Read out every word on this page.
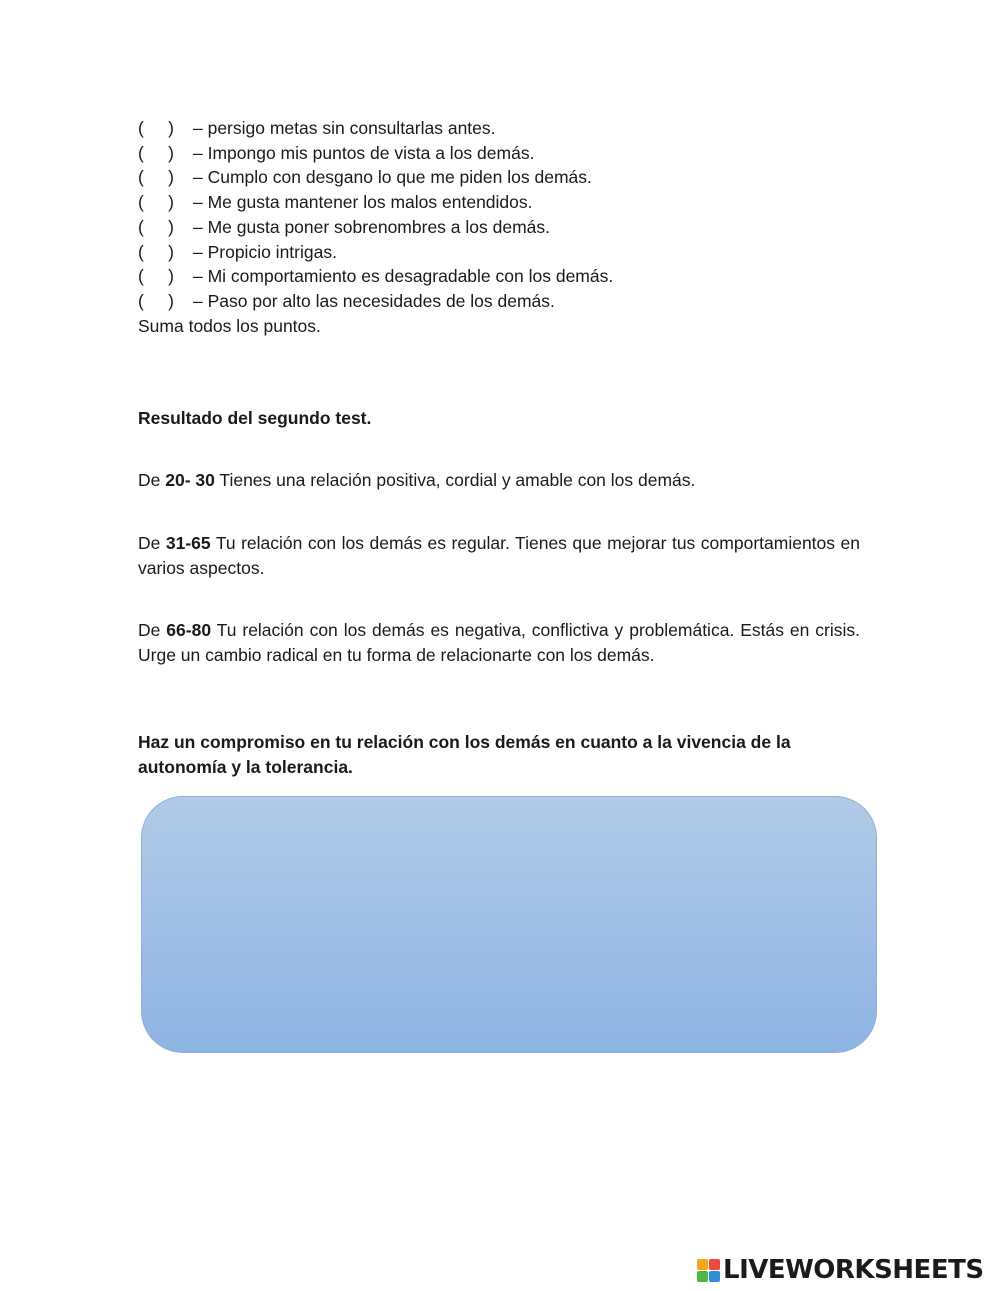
(     ) – persigo metas sin consultarlas antes.
(     ) – Impongo mis puntos de vista a los demás.
(     ) – Cumplo con desgano lo que me piden los demás.
(     ) – Me gusta mantener los malos entendidos.
(     ) – Me gusta poner sobrenombres a los demás.
(     ) – Propicio intrigas.
(     ) – Mi comportamiento es desagradable con los demás.
(     ) – Paso por alto las necesidades de los demás.
Suma todos los puntos.
Resultado del segundo test.
De 20- 30 Tienes una relación positiva, cordial y amable con los demás.
De 31-65 Tu relación con los demás es regular. Tienes que mejorar tus comportamientos en varios aspectos.
De 66-80 Tu relación con los demás es negativa, conflictiva y problemática. Estás en crisis. Urge un cambio radical en tu forma de relacionarte con los demás.
Haz un compromiso en tu relación con los demás en cuanto a la vivencia de la autonomía y la tolerancia.
LIVEWORKSHEETS
